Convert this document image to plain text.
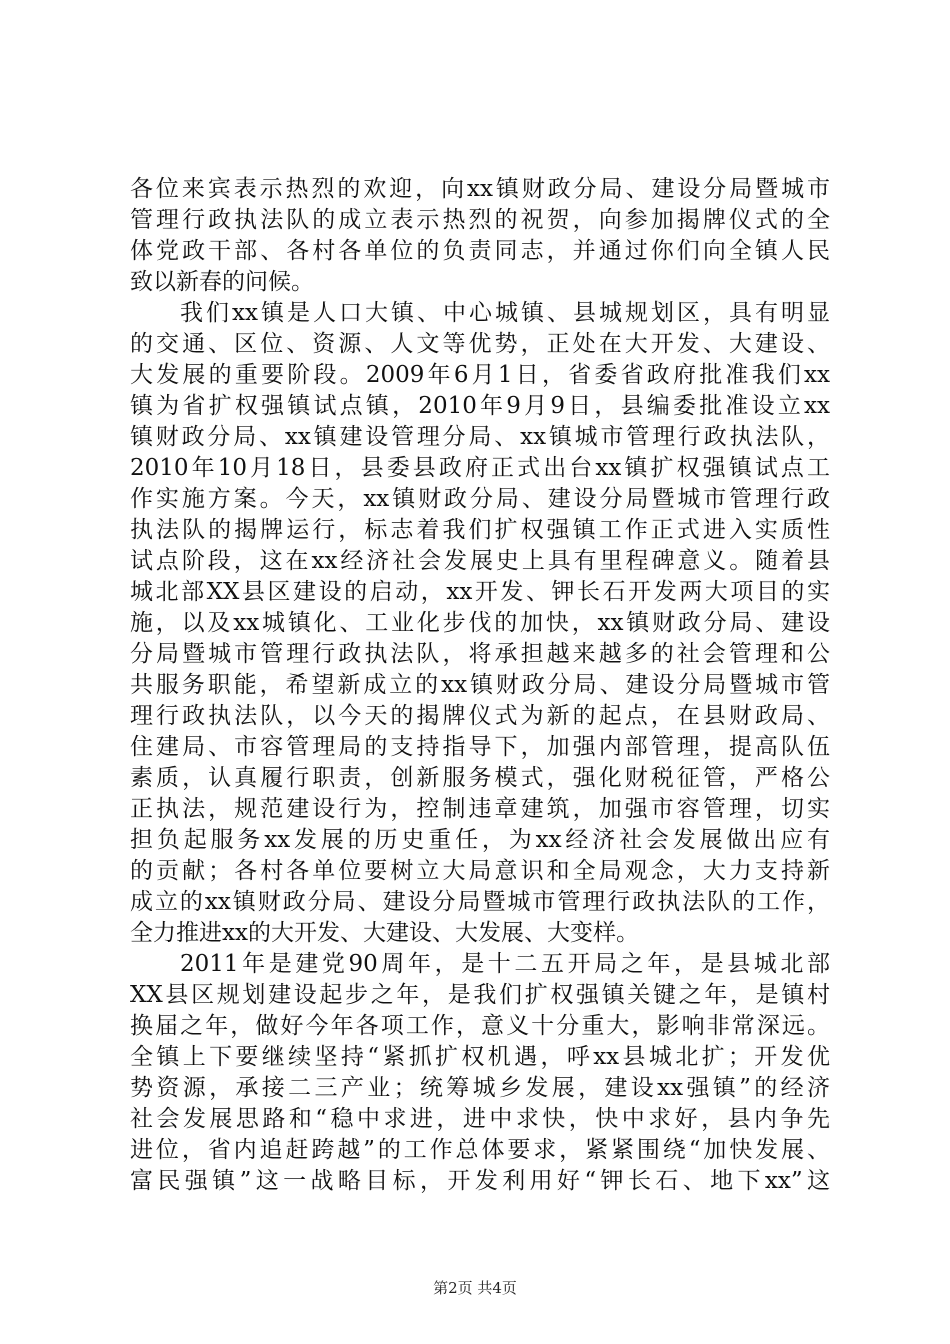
各位来宾表示热烈的欢迎，向xx镇财政分局、建设分局暨城市
管理行政执法队的成立表示热烈的祝贺，向参加揭牌仪式的全
体党政干部、各村各单位的负责同志，并通过你们向全镇人民
致以新春的问候。
我们xx镇是人口大镇、中心城镇、县城规划区，具有明显
的交通、区位、资源、人文等优势，正处在大开发、大建设、
大发展的重要阶段。2009年6月1日，省委省政府批准我们xx
镇为省扩权强镇试点镇，2010年9月9日，县编委批准设立xx
镇财政分局、xx镇建设管理分局、xx镇城市管理行政执法队，
2010年10月18日，县委县政府正式出台xx镇扩权强镇试点工
作实施方案。今天，xx镇财政分局、建设分局暨城市管理行政
执法队的揭牌运行，标志着我们扩权强镇工作正式进入实质性
试点阶段，这在xx经济社会发展史上具有里程碑意义。随着县
城北部XX县区建设的启动，xx开发、钾长石开发两大项目的实
施，以及xx城镇化、工业化步伐的加快，xx镇财政分局、建设
分局暨城市管理行政执法队，将承担越来越多的社会管理和公
共服务职能，希望新成立的xx镇财政分局、建设分局暨城市管
理行政执法队，以今天的揭牌仪式为新的起点，在县财政局、
住建局、市容管理局的支持指导下，加强内部管理，提高队伍
素质，认真履行职责，创新服务模式，强化财税征管，严格公
正执法，规范建设行为，控制违章建筑，加强市容管理，切实
担负起服务xx发展的历史重任，为xx经济社会发展做出应有
的贡献；各村各单位要树立大局意识和全局观念，大力支持新
成立的xx镇财政分局、建设分局暨城市管理行政执法队的工作，
全力推进xx的大开发、大建设、大发展、大变样。
2011年是建党90周年，是十二五开局之年，是县城北部
XX县区规划建设起步之年，是我们扩权强镇关键之年，是镇村
换届之年，做好今年各项工作，意义十分重大，影响非常深远。
全镇上下要继续坚持“紧抓扩权机遇，呼xx县城北扩；开发优
势资源，承接二三产业；统筹城乡发展，建设xx强镇”的经济
社会发展思路和“稳中求进，进中求快，快中求好，县内争先
进位，省内追赶跨越”的工作总体要求，紧紧围绕“加快发展、
富民强镇”这一战略目标，开发利用好“钾长石、地下xx”这
第2页 共4页
